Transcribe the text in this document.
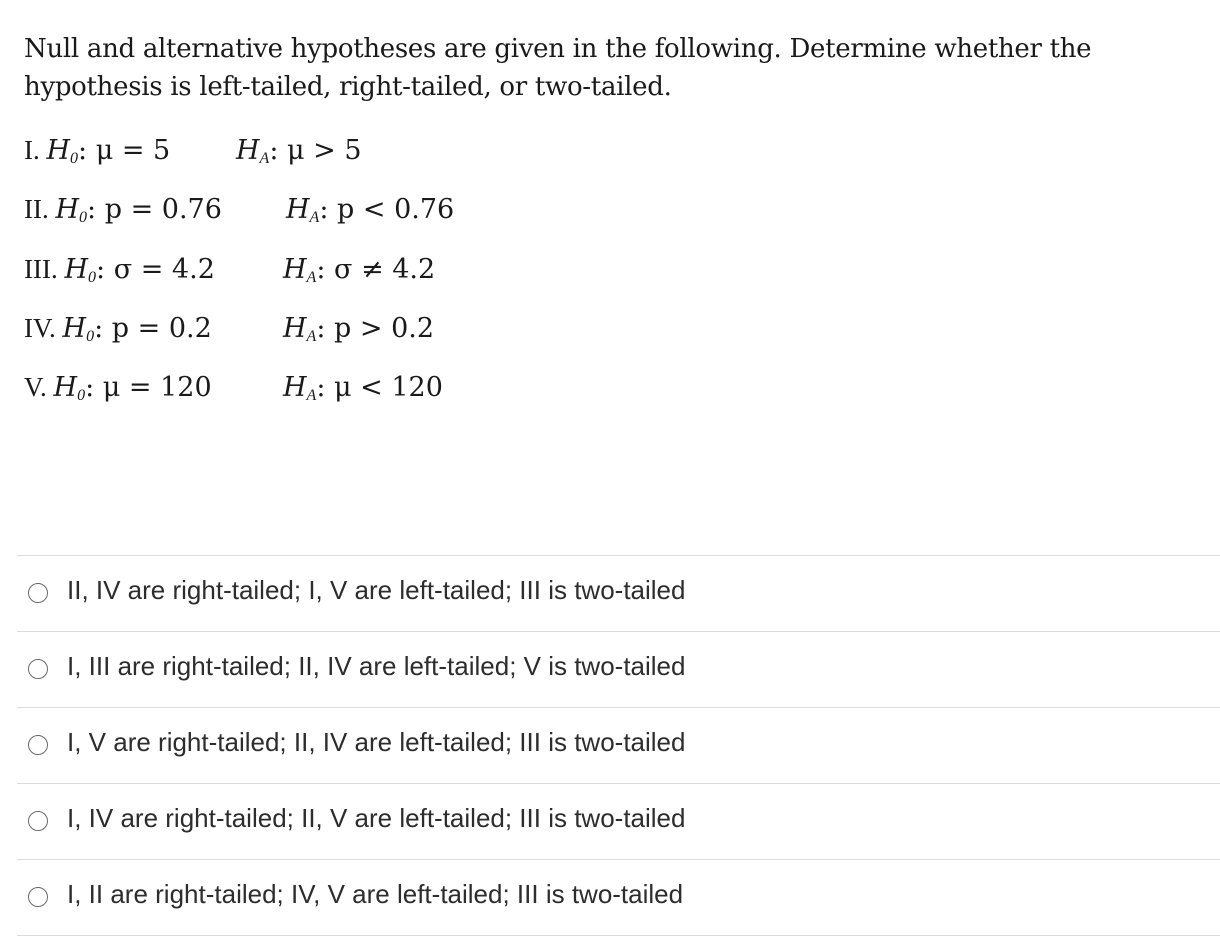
Null and alternative hypotheses are given in the following. Determine whether the hypothesis is left-tailed, right-tailed, or two-tailed.
I. $H_0$: μ = 5 $H_A$: μ > 5
II. $H_0$: p = 0.76 $H_A$: p < 0.76
III. $H_0$: σ = 4.2	$H_A$: σ ≠ 4.2
IV. $H_0$: p = 0.2	$H_A$: p > 0.2
V. $H_0$: μ = 120	$H_A$: μ < 120
II, IV are right-tailed; I, V are left-tailed; III is two-tailed
I, III are right-tailed; II, IV are left-tailed; V is two-tailed
I, V are right-tailed; II, IV are left-tailed; III is two-tailed
I, IV are right-tailed; II, V are left-tailed; III is two-tailed
I, II are right-tailed; IV, V are left-tailed; III is two-tailed
